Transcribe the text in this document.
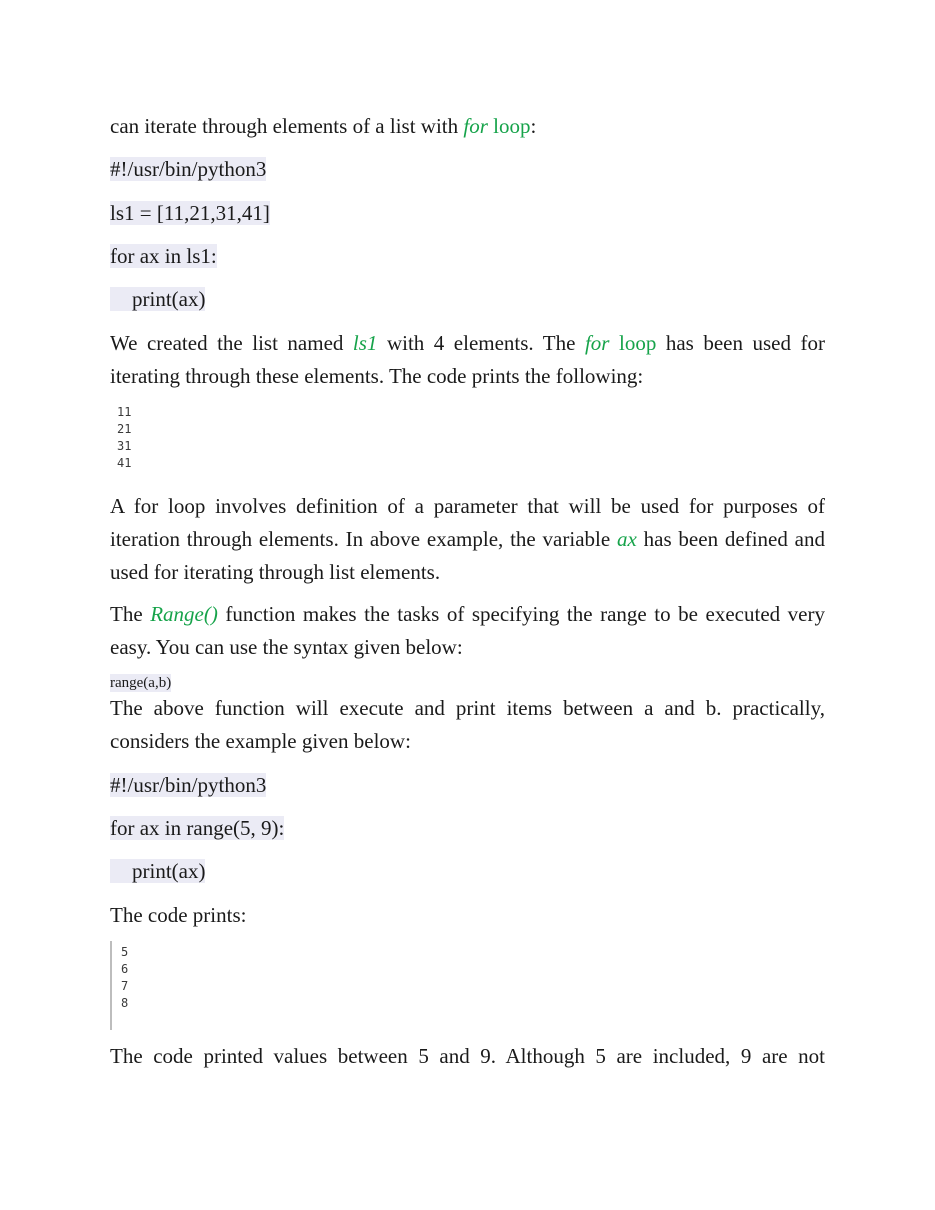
can iterate through elements of a list with for loop:
#!/usr/bin/python3
ls1 = [11,21,31,41]
for ax in ls1:
print(ax)
We created the list named ls1 with 4 elements. The for loop has been used for iterating through these elements. The code prints the following:
11
21
31
41
A for loop involves definition of a parameter that will be used for purposes of iteration through elements. In above example, the variable ax has been defined and used for iterating through list elements.
The Range() function makes the tasks of specifying the range to be executed very easy. You can use the syntax given below:
range(a,b)
The above function will execute and print items between a and b. practically, considers the example given below:
#!/usr/bin/python3
for ax in range(5, 9):
print(ax)
The code prints:
5
6
7
8
The code printed values between 5 and 9. Although 5 are included, 9 are not
